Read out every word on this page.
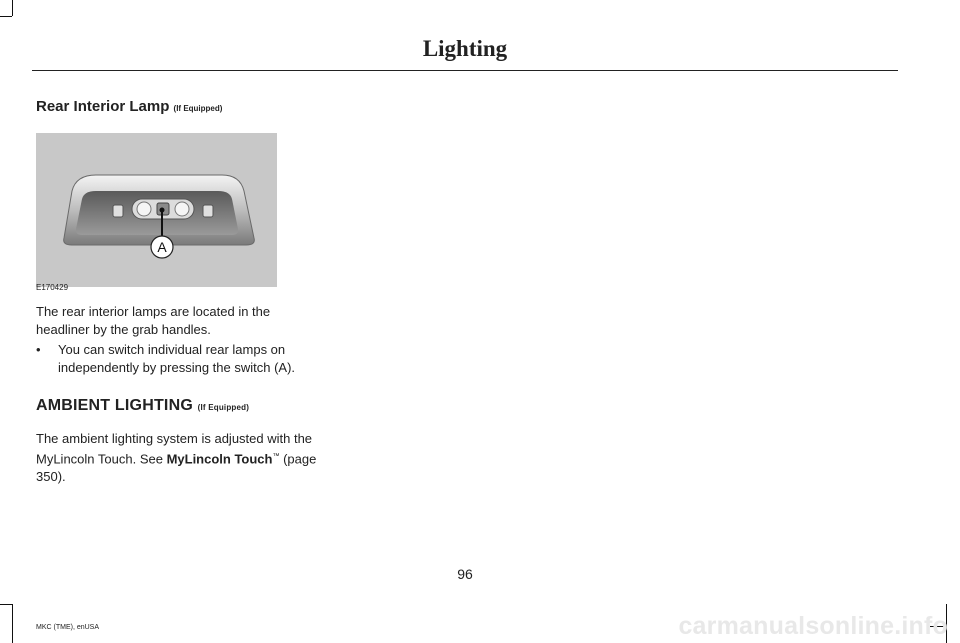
Lighting
Rear Interior Lamp (If Equipped)
A
E170429

The rear interior lamps are located in the headliner by the grab handles.

• You can switch individual rear lamps on independently by pressing the switch (A).
AMBIENT LIGHTING (If Equipped)

The ambient lighting system is adjusted with the MyLincoln Touch. See MyLincoln Touch™ (page 350).

96
MKC (TME), enUSA	carmanualsonline.info
